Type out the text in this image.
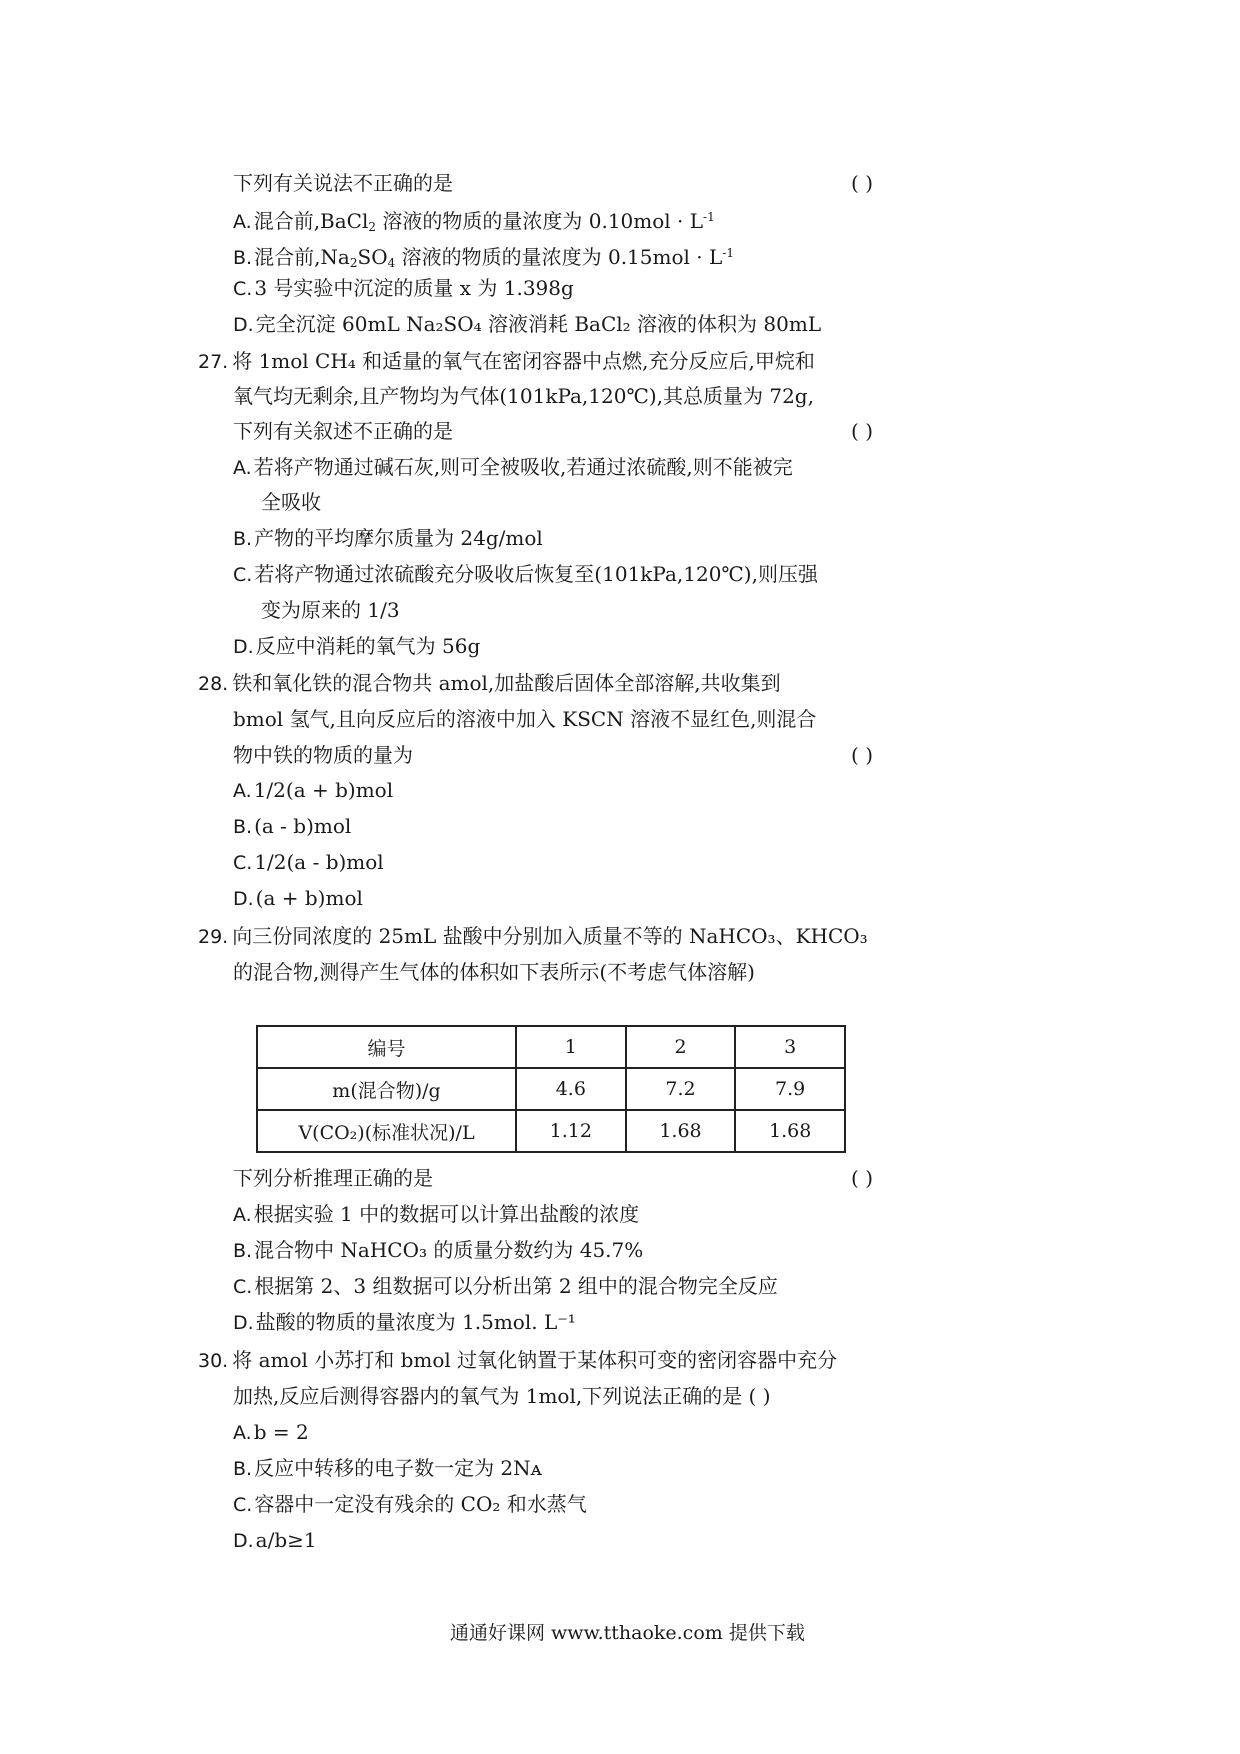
下列有关说法不正确的是	( )
A. 混合前,BaCl$_2$ 溶液的物质的量浓度为 $0.10mol \cdot L^{-1}$
B. 混合前$,Na_2SO_4$ 溶液的物质的量浓度为 $0.15mol \cdot L^{-1}$
C. 3 号实验中沉淀的质量 x 为 1.398g
D. 完全沉淀 60mL Na₂SO₄ 溶液消耗 BaCl₂ 溶液的体积为 80mL
27. 将 1mol CH₄ 和适量的氧气在密闭容器中点燃,充分反应后,甲烷和
氧气均无剩余,且产物均为气体(101kPa,120℃),其总质量为 72g,
下列有关叙述不正确的是	( )
A. 若将产物通过碱石灰,则可全被吸收,若通过浓硫酸,则不能被完
全吸收
B. 产物的平均摩尔质量为 24g/mol
C. 若将产物通过浓硫酸充分吸收后恢复至(101kPa,120℃),则压强
变为原来的 1/3
D. 反应中消耗的氧气为 56g
28. 铁和氧化铁的混合物共 amol,加盐酸后固体全部溶解,共收集到
bmol 氢气,且向反应后的溶液中加入 KSCN 溶液不显红色,则混合
物中铁的物质的量为	( )
A. 1/2(a + b)mol
B. (a - b)mol
C. 1/2(a - b)mol
D. (a + b)mol
29. 向三份同浓度的 25mL 盐酸中分别加入质量不等的 NaHCO₃、KHCO₃
的混合物,测得产生气体的体积如下表所示(不考虑气体溶解)
编号	1	2	3
m(混合物)/g	4.6	7.2	7.9
V(CO₂)(标准状况)/L	1.12	1.68	1.68
下列分析推理正确的是	( )
A. 根据实验 1 中的数据可以计算出盐酸的浓度
B. 混合物中 NaHCO₃ 的质量分数约为 45.7%
C. 根据第 2、3 组数据可以分析出第 2 组中的混合物完全反应
D. 盐酸的物质的量浓度为 1.5mol. L⁻¹
30. 将 amol 小苏打和 bmol 过氧化钠置于某体积可变的密闭容器中充分
加热,反应后测得容器内的氧气为 1mol,下列说法正确的是 ( )
A. b = 2
B. 反应中转移的电子数一定为 2Nᴀ
C. 容器中一定没有残余的 CO₂ 和水蒸气
D. a/b≥1
通通好课网 www.tthaoke.com 提供下载
